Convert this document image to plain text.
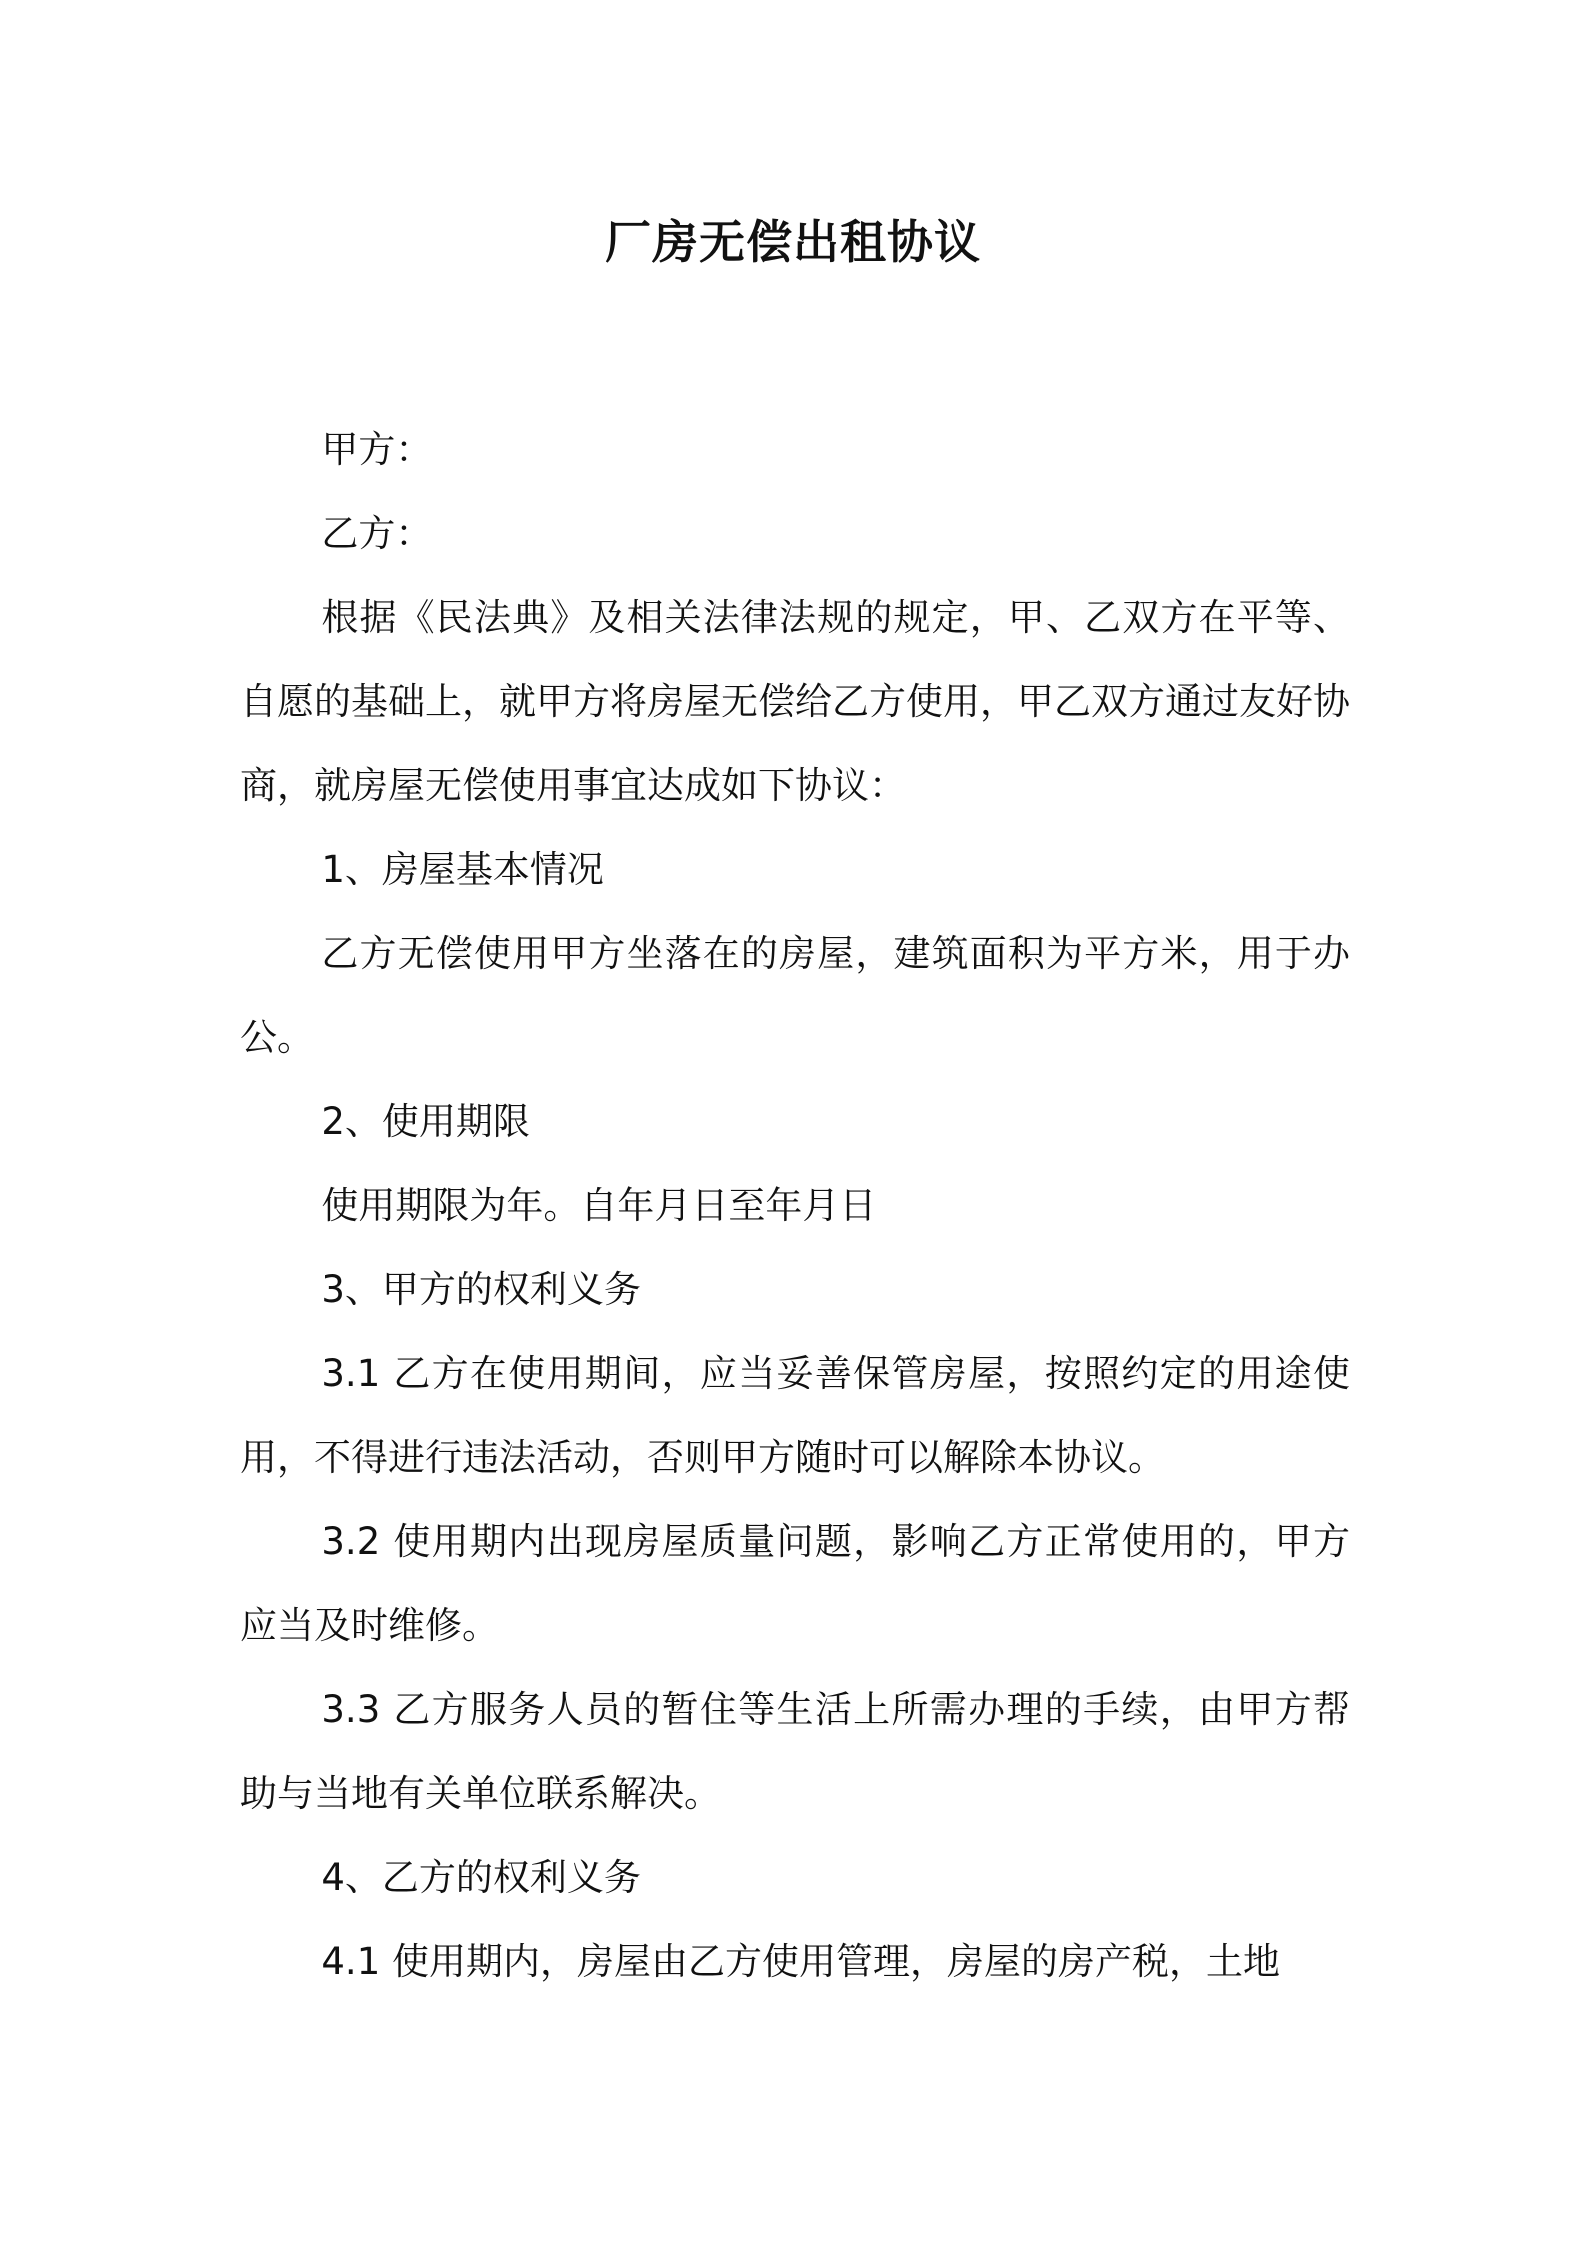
厂房无偿出租协议

甲方：

乙方：

根据《民法典》及相关法律法规的规定，甲、乙双方在平等、自愿的基础上，就甲方将房屋无偿给乙方使用，甲乙双方通过友好协商，就房屋无偿使用事宜达成如下协议：

1、房屋基本情况

乙方无偿使用甲方坐落在的房屋，建筑面积为平方米，用于办公。

2、使用期限

使用期限为年。自年月日至年月日

3、甲方的权利义务

3.1 乙方在使用期间，应当妥善保管房屋，按照约定的用途使用，不得进行违法活动，否则甲方随时可以解除本协议。

3.2 使用期内出现房屋质量问题，影响乙方正常使用的，甲方应当及时维修。

3.3 乙方服务人员的暂住等生活上所需办理的手续，由甲方帮助与当地有关单位联系解决。

4、乙方的权利义务

4.1 使用期内，房屋由乙方使用管理，房屋的房产税，土地
